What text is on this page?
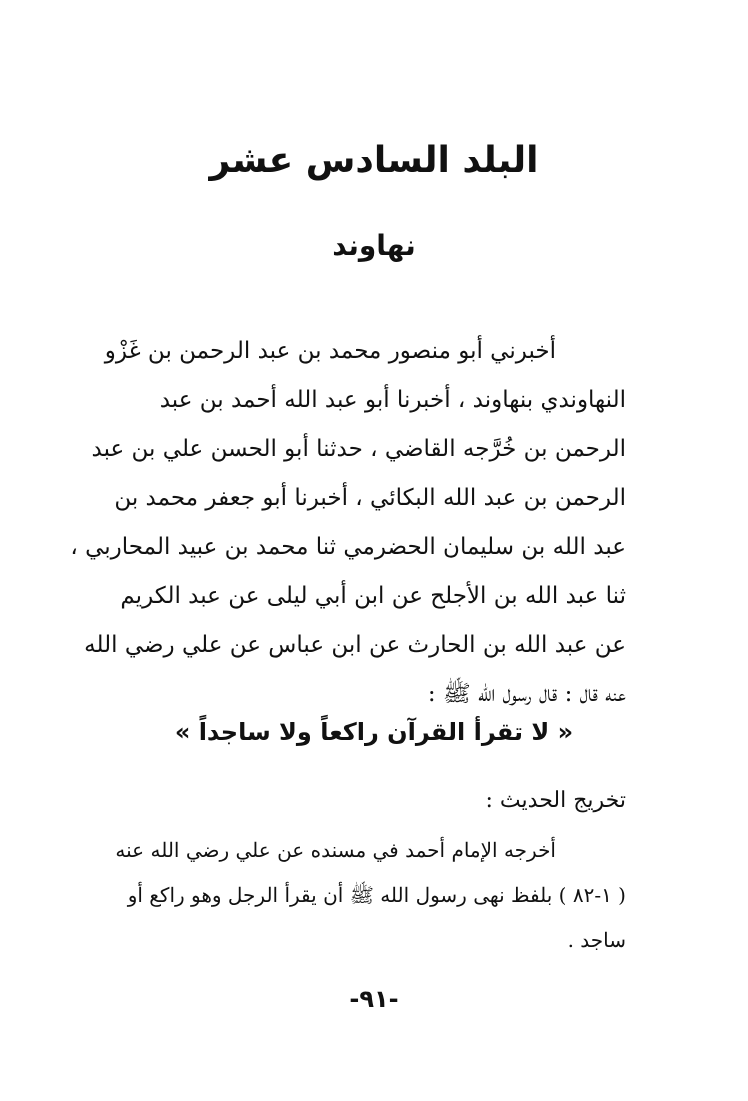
البلد السادس عشر
نهاوند
أخبرني أبو منصور محمد بن عبد الرحمن بن غَزْو
النهاوندي بنهاوند ، أخبرنا أبو عبد الله أحمد بن عبد
الرحمن بن خُرَّجه القاضي ، حدثنا أبو الحسن علي بن عبد
الرحمن بن عبد الله البكائي ، أخبرنا أبو جعفر محمد بن
عبد الله بن سليمان الحضرمي ثنا محمد بن عبيد المحاربي ،
ثنا عبد الله بن الأجلح عن ابن أبي ليلى عن عبد الكريم
عن عبد الله بن الحارث عن ابن عباس عن علي رضي الله
عنه قال : قال رسول الله ﷺ :

« لا تقرأ القرآن راكعاً ولا ساجداً »

تخريج الحديث :

أخرجه الإمام أحمد في مسنده عن علي رضي الله عنه
( ١-٨٢ ) بلفظ نهى رسول الله ﷺ أن يقرأ الرجل وهو راكع أو
ساجد .

-٩١-
